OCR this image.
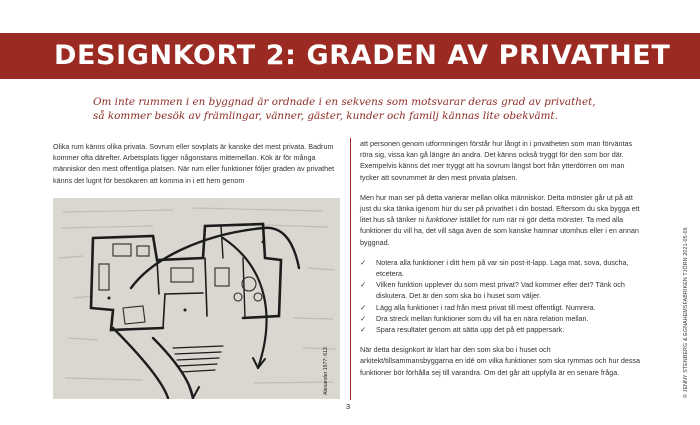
DESIGNKORT 2: GRADEN AV PRIVATHET

Om inte rummen i en byggnad är ordnade i en sekvens som motsvarar deras grad av privathet,

så kommer besök av främlingar, vänner, gäster, kunder och familj kännas lite obekvämt.

Olika rum känns olika privata. Sovrum eller sovplats är kanske det mest privata. Badrum kommer ofta därefter. Arbetsplats ligger någonstans mittemellan. Kök är för många människor den mest offentliga platsen. När rum eller funktioner följer graden av privathet känns det lugnt för besökaren att komma in i ett hem genom

Alexander 1977: 612.

att personen genom utformningen förstår hur långt in i privatheten som man förväntas röra sig, vissa kan gå längre än andra. Det känns också tryggt för den som bor där. Exempelvis känns det mer tryggt att ha sovrum längst bort från ytterdörren om man tycker att sovrummet är den mest privata platsen.

Men hur man ser på detta varierar mellan olika människor. Detta mönster går ut på att just du ska tänka igenom hur du ser på privathet i din bostad. Eftersom du ska bygga ett litet hus så tänker ni funktioner istället för rum när ni gör detta mönster. Ta med alla funktioner du vill ha, det vill säga även de som kanske hamnar utomhus eller i en annan byggnad.

✓ Notera alla funktioner i ditt hem på var sin post-it-lapp. Laga mat, sova, duscha, etcetera.
✓ Vilken funktion upplever du som mest privat? Vad kommer efter det? Tänk och diskutera. Det är den som ska bo i huset som väljer.
✓ Lägg alla funktioner i rad från mest privat till mest offentligt. Numrera.
✓ Dra streck mellan funktioner som du vill ha en nära relation mellan.
✓ Spara resultatet genom att sätta upp det på ett pappersark.

När detta designkort är klart har den som ska bo i huset och arkitekt/tillsammansbyggarna en idé om vilka funktioner som ska rymmas och hur dessa funktioner bör förhålla sej till varandra. Om det går att uppfylla är en senare fråga.

3
© JENNY STENBERG & EGNAHEMSFABRIKEN TJÖRN 2021-05-06
